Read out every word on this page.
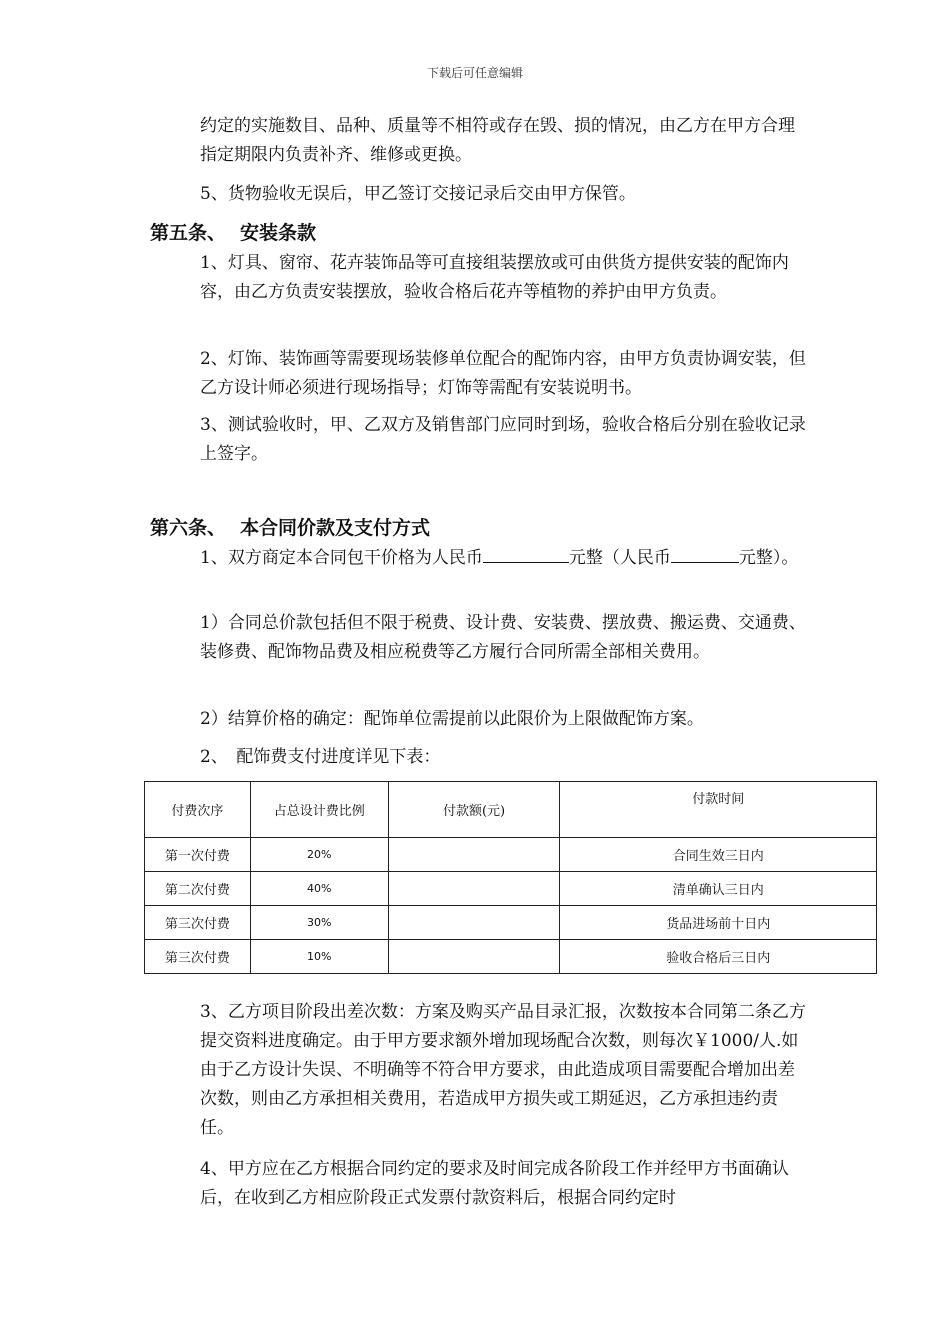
下载后可任意编辑

约定的实施数目、品种、质量等不相符或存在毁、损的情况，由乙方在甲方合理指定期限内负责补齐、维修或更换。

5、货物验收无误后，甲乙签订交接记录后交由甲方保管。

第五条、 安装条款

1、灯具、窗帘、花卉装饰品等可直接组装摆放或可由供货方提供安装的配饰内容，由乙方负责安装摆放，验收合格后花卉等植物的养护由甲方负责。

2、灯饰、装饰画等需要现场装修单位配合的配饰内容，由甲方负责协调安装，但乙方设计师必须进行现场指导；灯饰等需配有安装说明书。

3、测试验收时，甲、乙双方及销售部门应同时到场，验收合格后分别在验收记录上签字。

第六条、 本合同价款及支付方式

1、双方商定本合同包干价格为人民币	元整（人民币	元整）。

1）合同总价款包括但不限于税费、设计费、安装费、摆放费、搬运费、交通费、装修费、配饰物品费及相应税费等乙方履行合同所需全部相关费用。

2）结算价格的确定：配饰单位需提前以此限价为上限做配饰方案。

2、　配饰费支付进度详见下表：

付费次序	占总设计费比例	付款额(元)	付款时间
第一次付费	20%		合同生效三日内
第二次付费	40%		清单确认三日内
第三次付费	30%		货品进场前十日内
第三次付费	10%		验收合格后三日内

3、乙方项目阶段出差次数：方案及购买产品目录汇报，次数按本合同第二条乙方提交资料进度确定。由于甲方要求额外增加现场配合次数，则每次￥1000/人.如由于乙方设计失误、不明确等不符合甲方要求，由此造成项目需要配合增加出差次数，则由乙方承担相关费用，若造成甲方损失或工期延迟，乙方承担违约责任。

4、甲方应在乙方根据合同约定的要求及时间完成各阶段工作并经甲方书面确认后，在收到乙方相应阶段正式发票付款资料后，根据合同约定时
